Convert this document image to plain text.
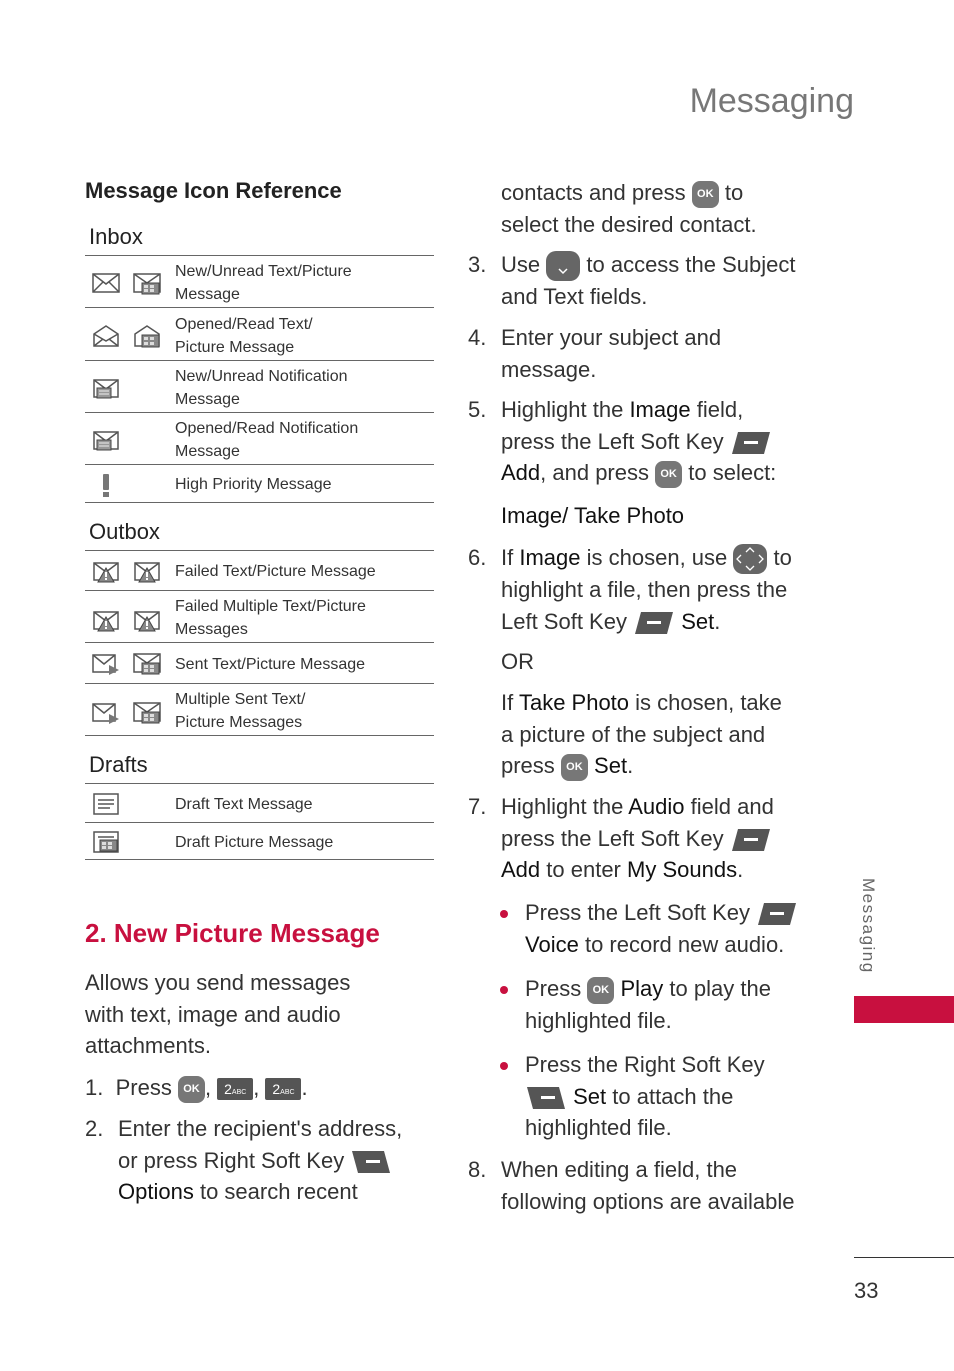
Messaging
Messaging
33
Message Icon Reference
Inbox
New/Unread Text/Picture
Message
Opened/Read Text/
Picture Message
New/Unread Notification
Message
Opened/Read Notification
Message
High Priority Message
Outbox
Failed Text/Picture Message
Failed Multiple Text/Picture
Messages
Sent Text/Picture Message
Multiple Sent Text/
Picture Messages
Drafts
Draft Text Message
Draft Picture Message
2. New Picture Message
Allows you send messages
with text, image and audio
attachments.
1. Press OK , 2ABC , 2ABC .
2. Enter the recipient's address,
or press Right Soft Key
Options to search recent
contacts and press OK to
select the desired contact.
3. Use to access the Subject
and Text fields.
4. Enter your subject and
message.
5. Highlight the Image field,
press the Left Soft Key
Add, and press OK to select:
Image/ Take Photo
6. If Image is chosen, use to
highlight a file, then press the
Left Soft Key Set.
OR
If Take Photo is chosen, take
a picture of the subject and
press OK Set.
7. Highlight the Audio field and
press the Left Soft Key
Add to enter My Sounds.
Press the Left Soft Key
Voice to record new audio.
Press OK Play to play the
highlighted file.
Press the Right Soft Key
Set to attach the
highlighted file.
8. When editing a field, the
following options are available
